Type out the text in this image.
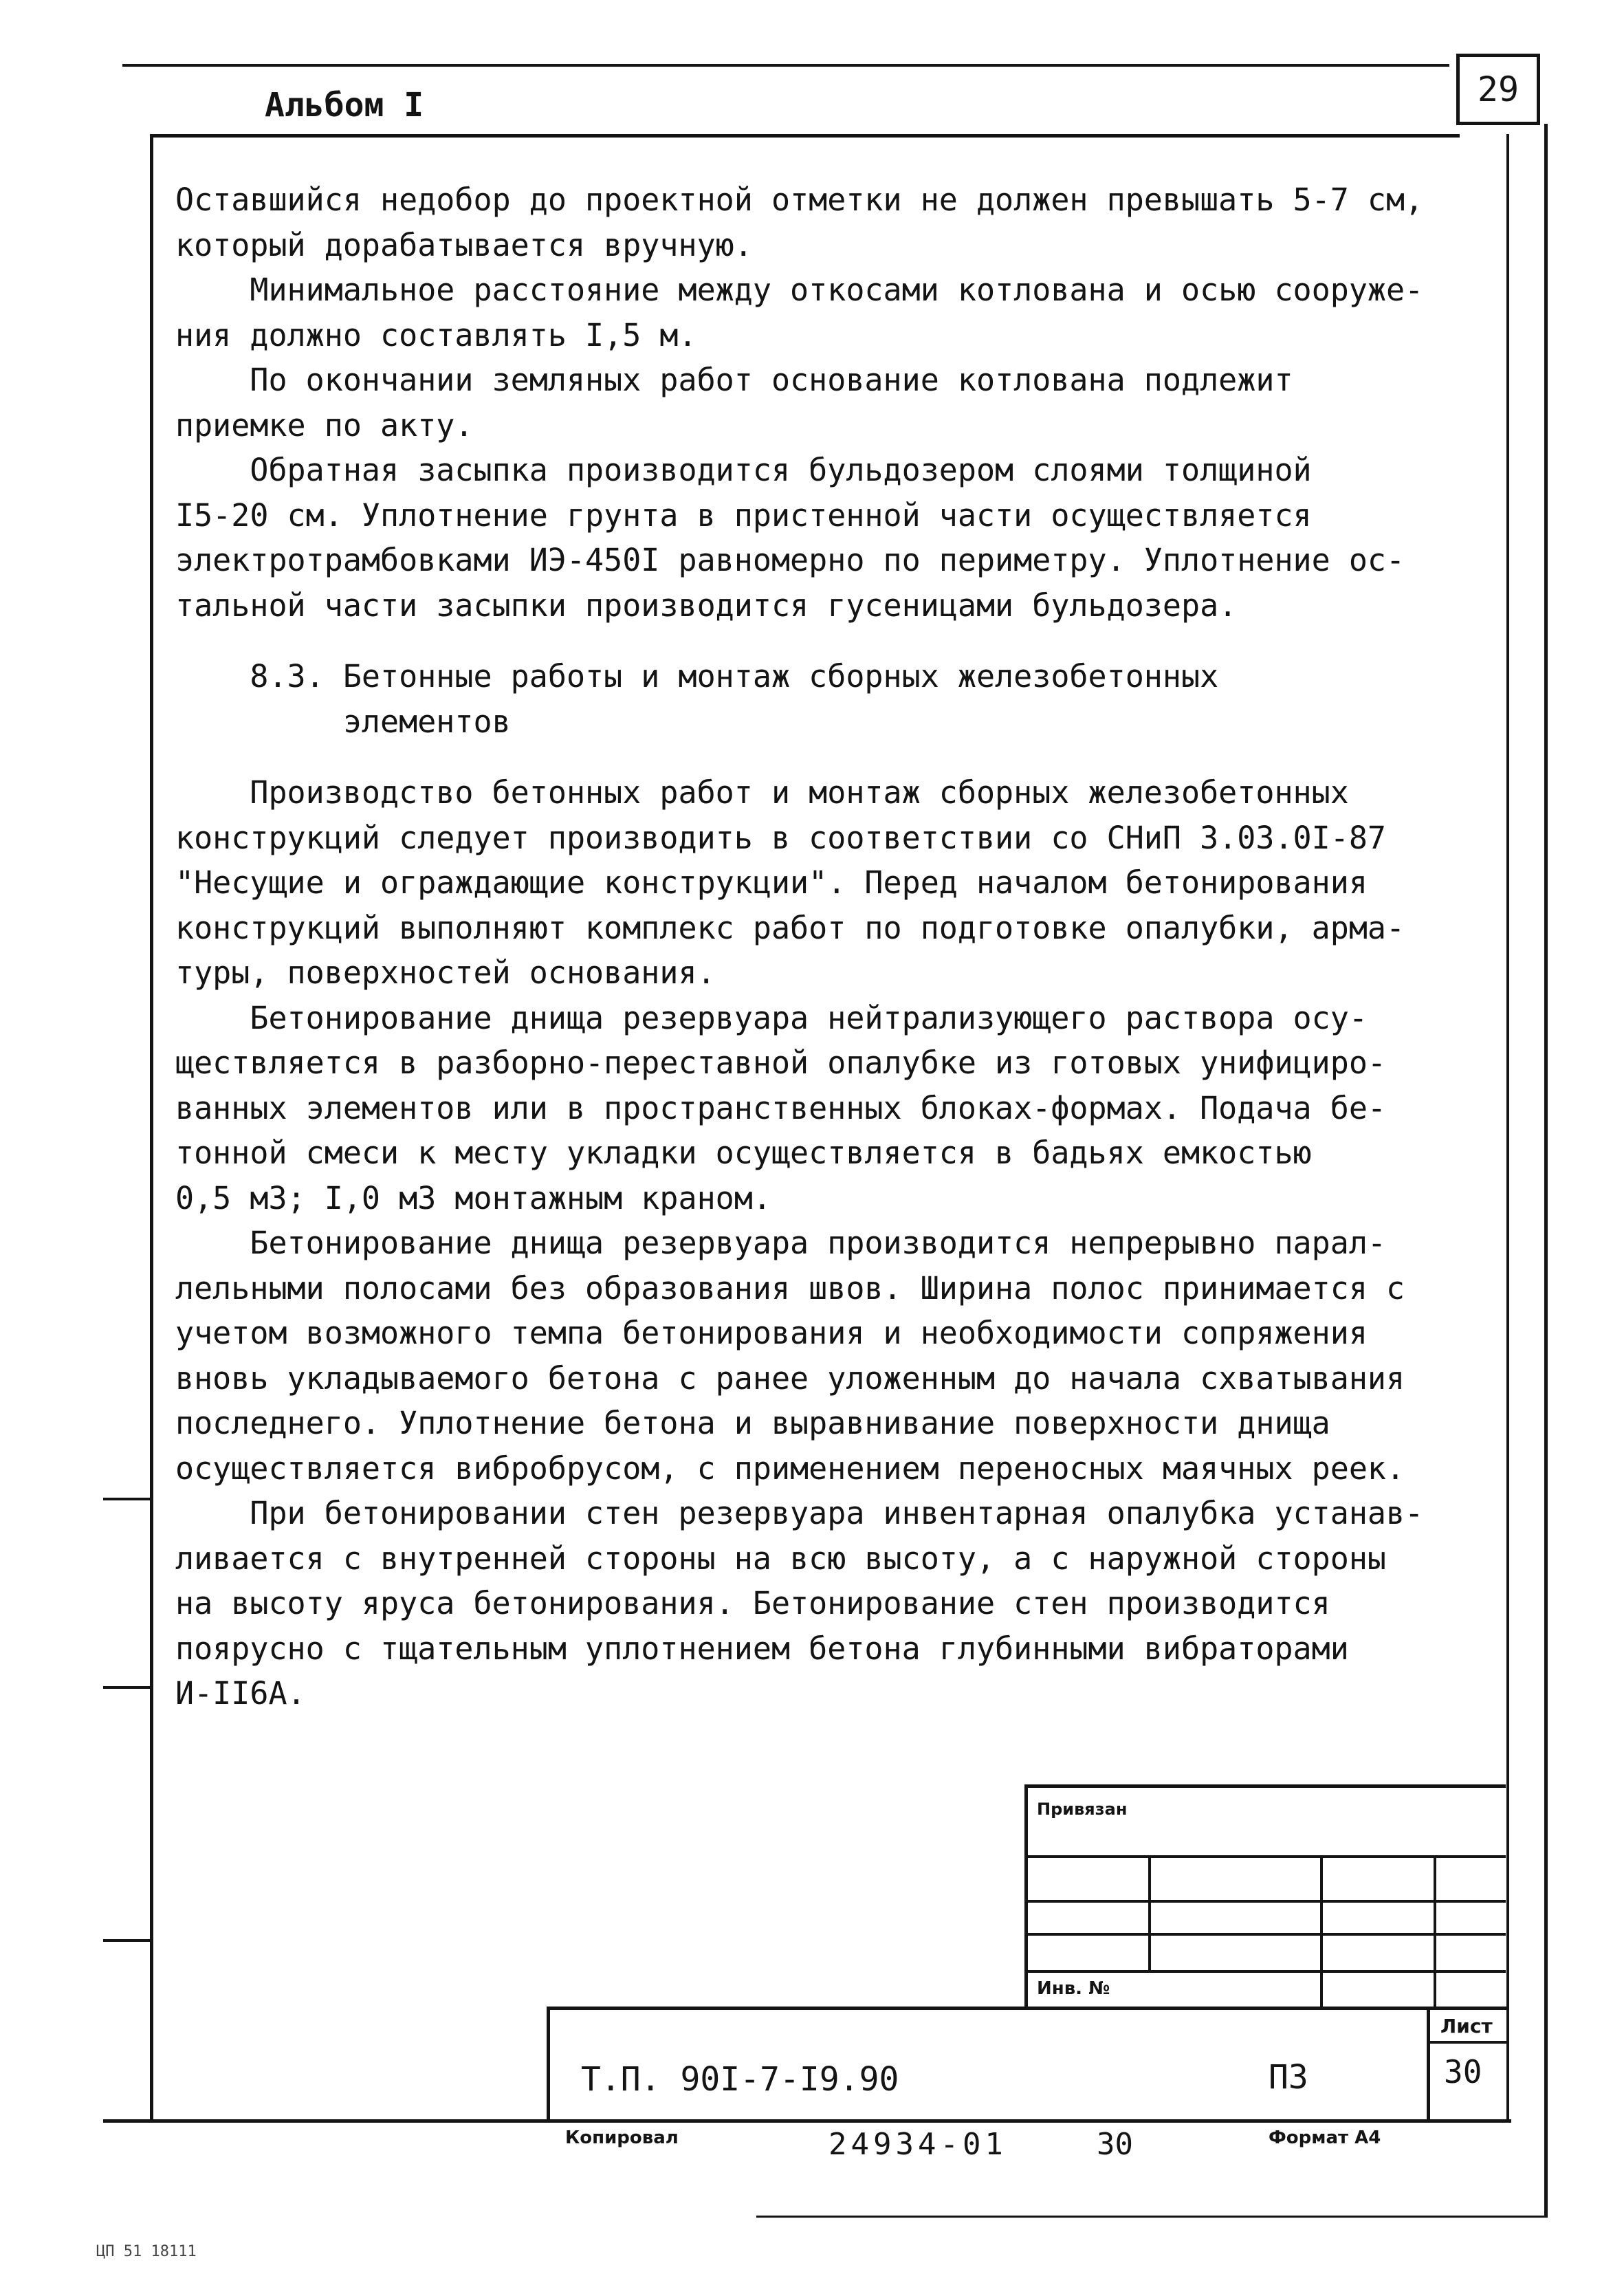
Альбом I	29
Оставшийся недобор до проектной отметки не должен превышать 5-7 см,
который дорабатывается вручную.
Минимальное расстояние между откосами котлована и осью сооруже-
ния должно составлять I,5 м.
По окончании земляных работ основание котлована подлежит
приемке по акту.
Обратная засыпка производится бульдозером слоями толщиной
I5-20 см. Уплотнение грунта в пристенной части осуществляется
электротрамбовками ИЭ-450I равномерно по периметру. Уплотнение ос-
тальной части засыпки производится гусеницами бульдозера.
8.3. Бетонные работы и монтаж сборных железобетонных
элементов
Производство бетонных работ и монтаж сборных железобетонных
конструкций следует производить в соответствии со СНиП 3.03.0I-87
"Несущие и ограждающие конструкции". Перед началом бетонирования
конструкций выполняют комплекс работ по подготовке опалубки, арма-
туры, поверхностей основания.
Бетонирование днища резервуара нейтрализующего раствора осу-
ществляется в разборно-переставной опалубке из готовых унифициро-
ванных элементов или в пространственных блоках-формах. Подача бе-
тонной смеси к месту укладки осуществляется в бадьях емкостью
0,5 м3; I,0 м3 монтажным краном.
Бетонирование днища резервуара производится непрерывно парал-
лельными полосами без образования швов. Ширина полос принимается с
учетом возможного темпа бетонирования и необходимости сопряжения
вновь укладываемого бетона с ранее уложенным до начала схватывания
последнего. Уплотнение бетона и выравнивание поверхности днища
осуществляется вибробрусом, с применением переносных маячных реек.
При бетонировании стен резервуара инвентарная опалубка устанав-
ливается с внутренней стороны на всю высоту, а с наружной стороны
на высоту яруса бетонирования. Бетонирование стен производится
поярусно с тщательным уплотнением бетона глубинными вибраторами
И-II6А.
Привязан
Инв. №
Т.П. 90I-7-I9.90	ПЗ
Лист
30
Копировал	24934-01	30	Формат А4
ЦП 51 18111
